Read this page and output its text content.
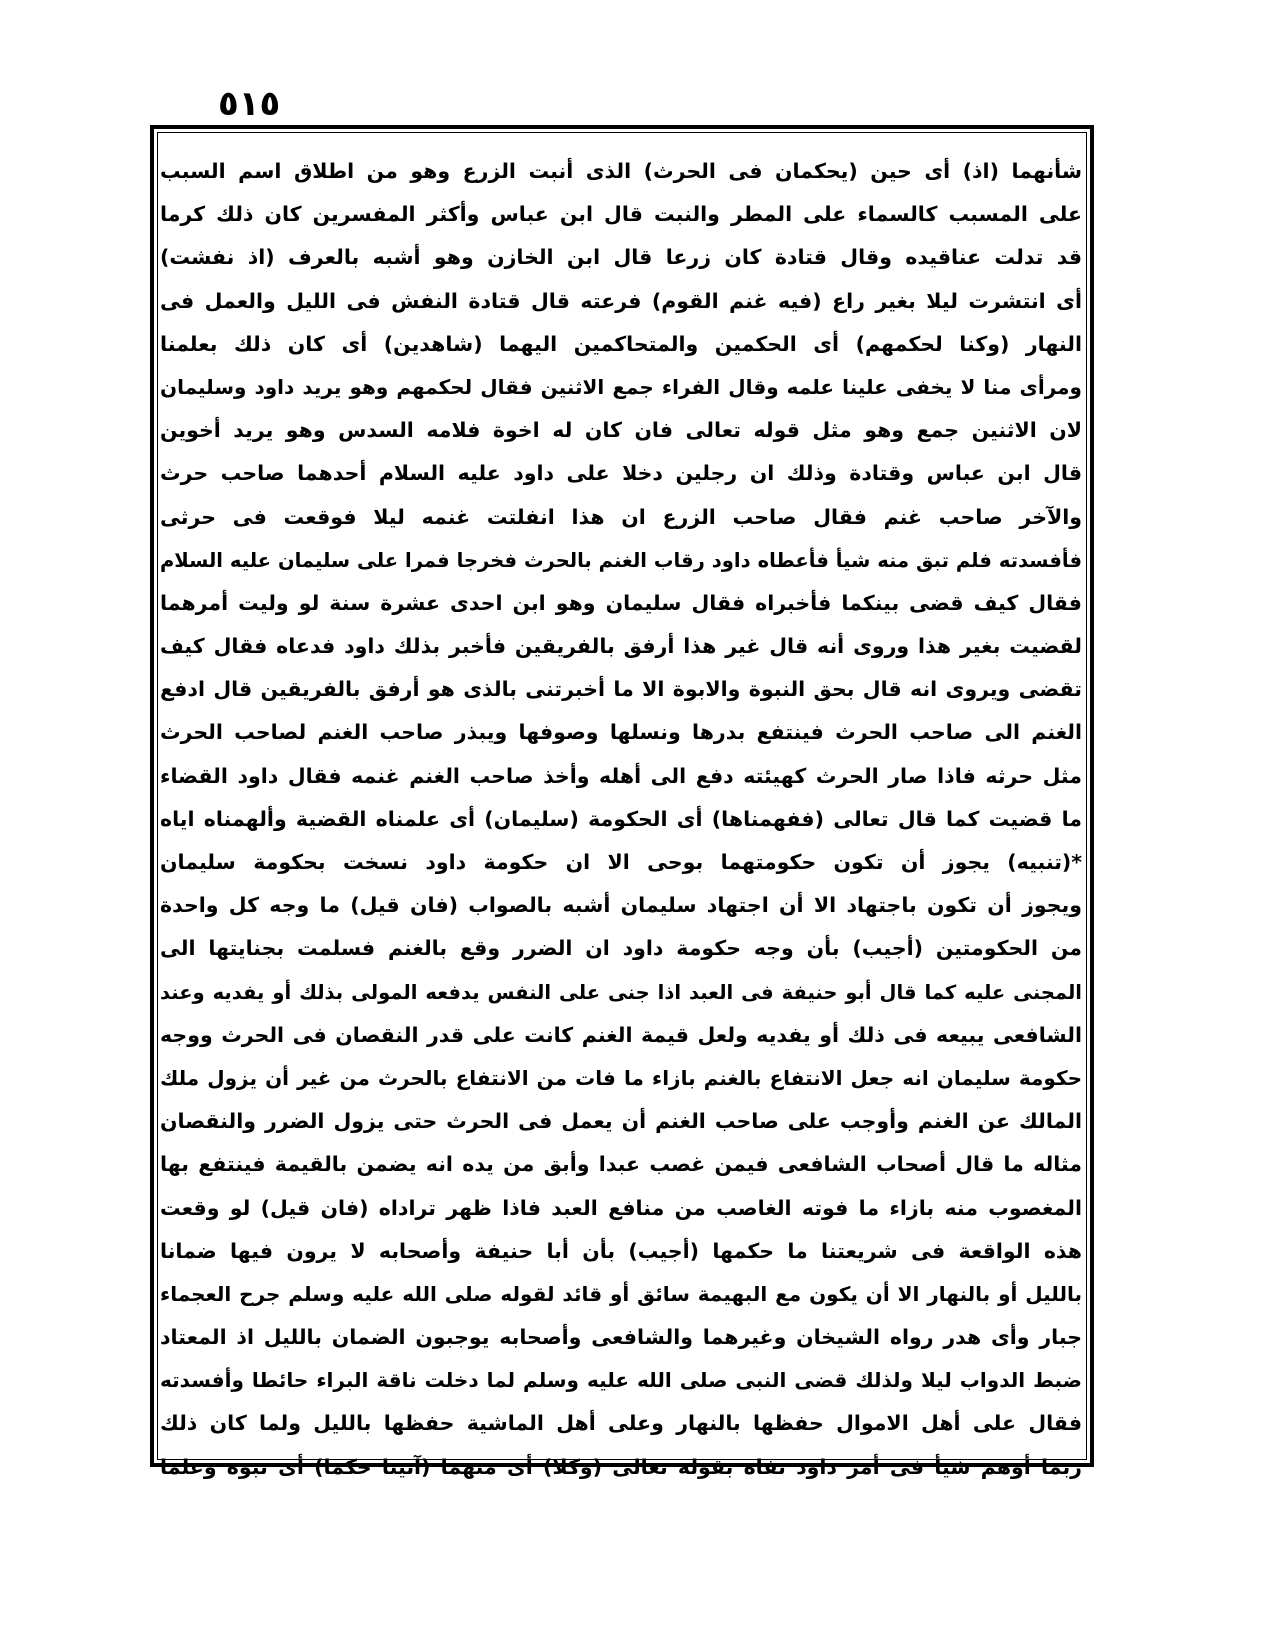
٥١٥
شأنهما (اذ) أى حين (يحكمان فى الحرث) الذى أنبت الزرع وهو من اطلاق اسم السبب
على المسبب كالسماء على المطر والنبت قال ابن عباس وأكثر المفسرين كان ذلك كرما
قد تدلت عناقيده وقال قتادة كان زرعا قال ابن الخازن وهو أشبه بالعرف (اذ نفشت)
أى انتشرت ليلا بغير راع (فيه غنم القوم) فرعته قال قتادة النفش فى الليل والعمل فى
النهار (وكنا لحكمهم) أى الحكمين والمتحاكمين اليهما (شاهدين) أى كان ذلك بعلمنا
ومرأى منا لا يخفى علينا علمه وقال الفراء جمع الاثنين فقال لحكمهم وهو يريد داود وسليمان
لان الاثنين جمع وهو مثل قوله تعالى فان كان له اخوة فلامه السدس وهو يريد أخوين
قال ابن عباس وقتادة وذلك ان رجلين دخلا على داود عليه السلام أحدهما صاحب حرث
والآخر صاحب غنم فقال صاحب الزرع ان هذا انفلتت غنمه ليلا فوقعت فى حرثى
فأفسدته فلم تبق منه شيأ فأعطاه داود رقاب الغنم بالحرث فخرجا فمرا على سليمان عليه السلام
فقال كيف قضى بينكما فأخبراه فقال سليمان وهو ابن احدى عشرة سنة لو وليت أمرهما
لقضيت بغير هذا وروى أنه قال غير هذا أرفق بالفريقين فأخبر بذلك داود فدعاه فقال كيف
تقضى ويروى انه قال بحق النبوة والابوة الا ما أخبرتنى بالذى هو أرفق بالفريقين قال ادفع
الغنم الى صاحب الحرث فينتفع بدرها ونسلها وصوفها ويبذر صاحب الغنم لصاحب الحرث
مثل حرثه فاذا صار الحرث كهيئته دفع الى أهله وأخذ صاحب الغنم غنمه فقال داود القضاء
ما قضيت كما قال تعالى (ففهمناها) أى الحكومة (سليمان) أى علمناه القضية وألهمناه اياه
*(تنبيه) يجوز أن تكون حكومتهما بوحى الا ان حكومة داود نسخت بحكومة سليمان
ويجوز أن تكون باجتهاد الا أن اجتهاد سليمان أشبه بالصواب (فان قيل) ما وجه كل واحدة
من الحكومتين (أجيب) بأن وجه حكومة داود ان الضرر وقع بالغنم فسلمت بجنايتها الى
المجنى عليه كما قال أبو حنيفة فى العبد اذا جنى على النفس يدفعه المولى بذلك أو يفديه وعند
الشافعى يبيعه فى ذلك أو يفديه ولعل قيمة الغنم كانت على قدر النقصان فى الحرث ووجه
حكومة سليمان انه جعل الانتفاع بالغنم بازاء ما فات من الانتفاع بالحرث من غير أن يزول ملك
المالك عن الغنم وأوجب على صاحب الغنم أن يعمل فى الحرث حتى يزول الضرر والنقصان
مثاله ما قال أصحاب الشافعى فيمن غصب عبدا وأبق من يده انه يضمن بالقيمة فينتفع بها
المغصوب منه بازاء ما فوته الغاصب من منافع العبد فاذا ظهر تراداه (فان قيل) لو وقعت
هذه الواقعة فى شريعتنا ما حكمها (أجيب) بأن أبا حنيفة وأصحابه لا يرون فيها ضمانا
بالليل أو بالنهار الا أن يكون مع البهيمة سائق أو قائد لقوله صلى الله عليه وسلم جرح العجماء
جبار وأى هدر رواه الشيخان وغيرهما والشافعى وأصحابه يوجبون الضمان بالليل اذ المعتاد
ضبط الدواب ليلا ولذلك قضى النبى صلى الله عليه وسلم لما دخلت ناقة البراء حائطا وأفسدته
فقال على أهل الاموال حفظها بالنهار وعلى أهل الماشية حفظها بالليل ولما كان ذلك
ربما أوهم شيأ فى أمر داود نفاه بقوله تعالى (وكلا) أى منهما (آتينا حكما) أى نبوة وعلما
